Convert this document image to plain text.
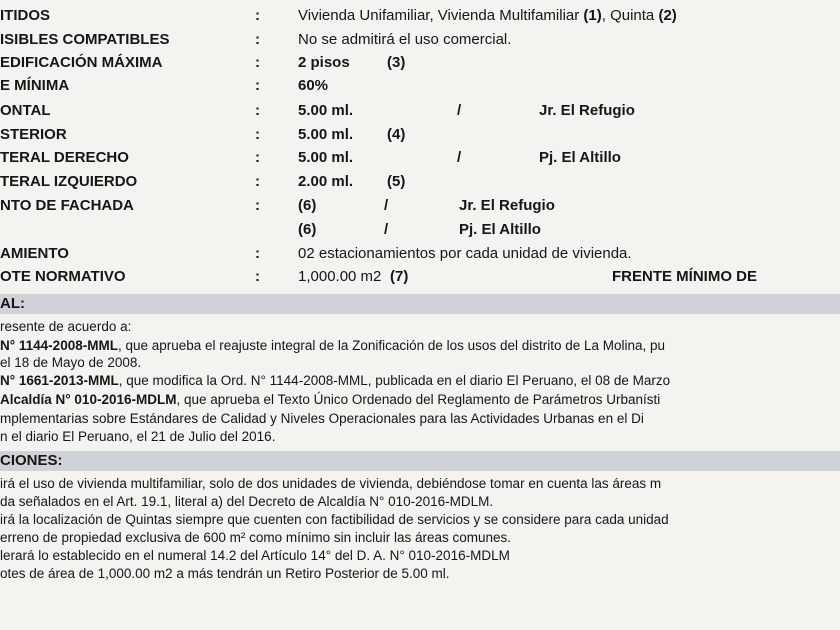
ITIDOS	:	Vivienda Unifamiliar, Vivienda Multifamiliar (1), Quinta (2)
ISIBLES COMPATIBLES	:	No se admitirá el uso comercial.
EDIFICACIÓN MÁXIMA	:	2 pisos (3)
E MÍNIMA	:	60%
ONTAL	:	5.00 ml.	/	Jr. El Refugio
STERIOR	:	5.00 ml. (4)
TERAL DERECHO	:	5.00 ml.	/	Pj. El Altillo
TERAL IZQUIERDO	:	2.00 ml. (5)
NTO DE FACHADA	:	(6)	/	Jr. El Refugio
(6)	/	Pj. El Altillo
AMIENTO	:	02 estacionamientos por cada unidad de vivienda.
OTE NORMATIVO	:	1,000.00 m2 (7)	FRENTE MÍNIMO DE
AL:
resente de acuerdo a:
N° 1144-2008-MML, que aprueba el reajuste integral de la Zonificación de los usos del distrito de La Molina, pu
el 18 de Mayo de 2008.
N° 1661-2013-MML, que modifica la Ord. N° 1144-2008-MML, publicada en el diario El Peruano, el 08 de Marzo
Alcaldía N° 010-2016-MDLM, que aprueba el Texto Único Ordenado del Reglamento de Parámetros Urbanísti
mplementarias sobre Estándares de Calidad y Niveles Operacionales para las Actividades Urbanas en el Di
n el diario El Peruano, el 21 de Julio del 2016.
CIONES:
irá el uso de vivienda multifamiliar, solo de dos unidades de vivienda, debiéndose tomar en cuenta las áreas m
da señalados en el Art. 19.1, literal a) del Decreto de Alcaldía N° 010-2016-MDLM.
irá la localización de Quintas siempre que cuenten con factibilidad de servicios y se considere para cada unidad
erreno de propiedad exclusiva de 600 m² como mínimo sin incluir las áreas comunes.
lerará lo establecido en el numeral 14.2 del Artículo 14° del D. A. N° 010-2016-MDLM
otes de área de 1,000.00 m2 a más tendrán un Retiro Posterior de 5.00 ml.
